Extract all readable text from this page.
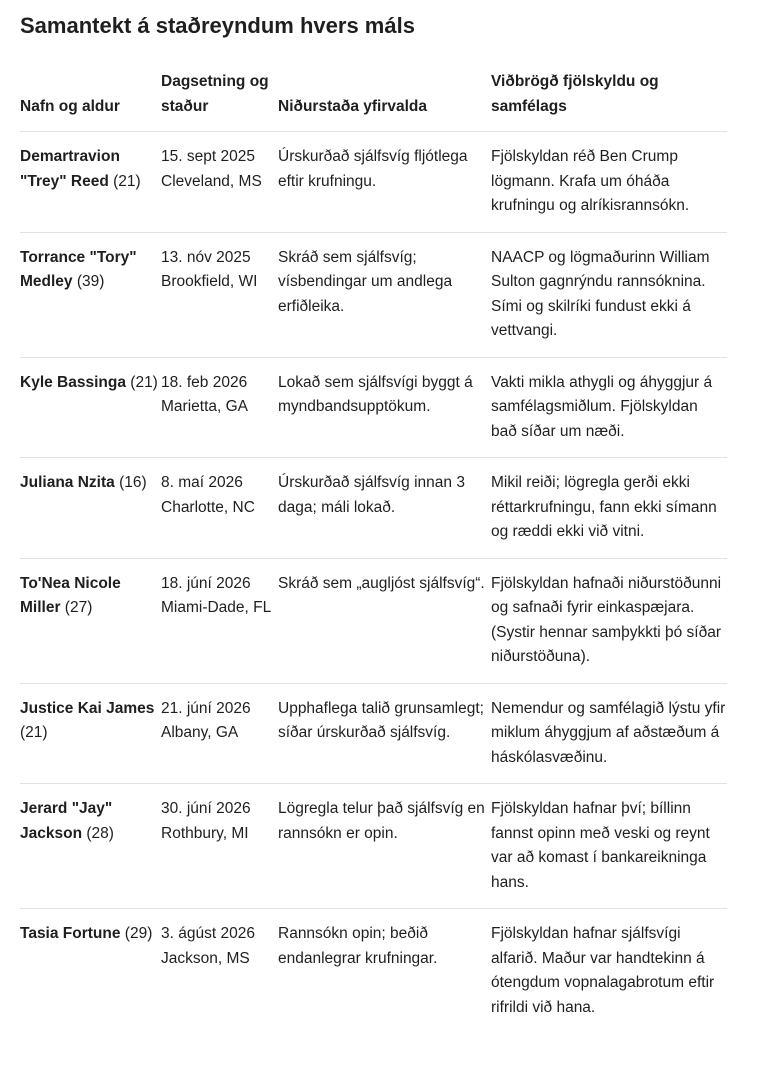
Samantekt á staðreyndum hvers máls
Nafn og aldur	Dagsetning og staður	Niðurstaða yfirvalda	Viðbrögð fjölskyldu og samfélags
Demartravion "Trey" Reed (21)	15. sept 2025 Cleveland, MS	Úrskurðað sjálfsvíg fljótlega eftir krufningu.	Fjölskyldan réð Ben Crump lögmann. Krafa um óháða krufningu og alríkisrannsókn.
Torrance "Tory" Medley (39)	13. nóv 2025 Brookfield, WI	Skráð sem sjálfsvíg; vísbendingar um andlega erfiðleika.	NAACP og lögmaðurinn William Sulton gagnrýndu rannsóknina. Sími og skilríki fundust ekki á vettvangi.
Kyle Bassinga (21)	18. feb 2026 Marietta, GA	Lokað sem sjálfsvígi byggt á myndbandsupptökum.	Vakti mikla athygli og áhyggjur á samfélagsmiðlum. Fjölskyldan bað síðar um næði.
Juliana Nzita (16)	8. maí 2026 Charlotte, NC	Úrskurðað sjálfsvíg innan 3 daga; máli lokað.	Mikil reiði; lögregla gerði ekki réttarkrufningu, fann ekki símann og ræddi ekki við vitni.
To'Nea Nicole Miller (27)	18. júní 2026 Miami-Dade, FL	Skráð sem „augljóst sjálfsvíg“.	Fjölskyldan hafnaði niðurstöðunni og safnaði fyrir einkaspæjara. (Systir hennar samþykkti þó síðar niðurstöðuna).
Justice Kai James (21)	21. júní 2026 Albany, GA	Upphaflega talið grunsamlegt; síðar úrskurðað sjálfsvíg.	Nemendur og samfélagið lýstu yfir miklum áhyggjum af aðstæðum á háskólasvæðinu.
Jerard "Jay" Jackson (28)	30. júní 2026 Rothbury, MI	Lögregla telur það sjálfsvíg en rannsókn er opin.	Fjölskyldan hafnar því; bíllinn fannst opinn með veski og reynt var að komast í bankareikninga hans.
Tasia Fortune (29)	3. ágúst 2026 Jackson, MS	Rannsókn opin; beðið endanlegrar krufningar.	Fjölskyldan hafnar sjálfsvígi alfarið. Maður var handtekinn á ótengdum vopnalagabrotum eftir rifrildi við hana.
